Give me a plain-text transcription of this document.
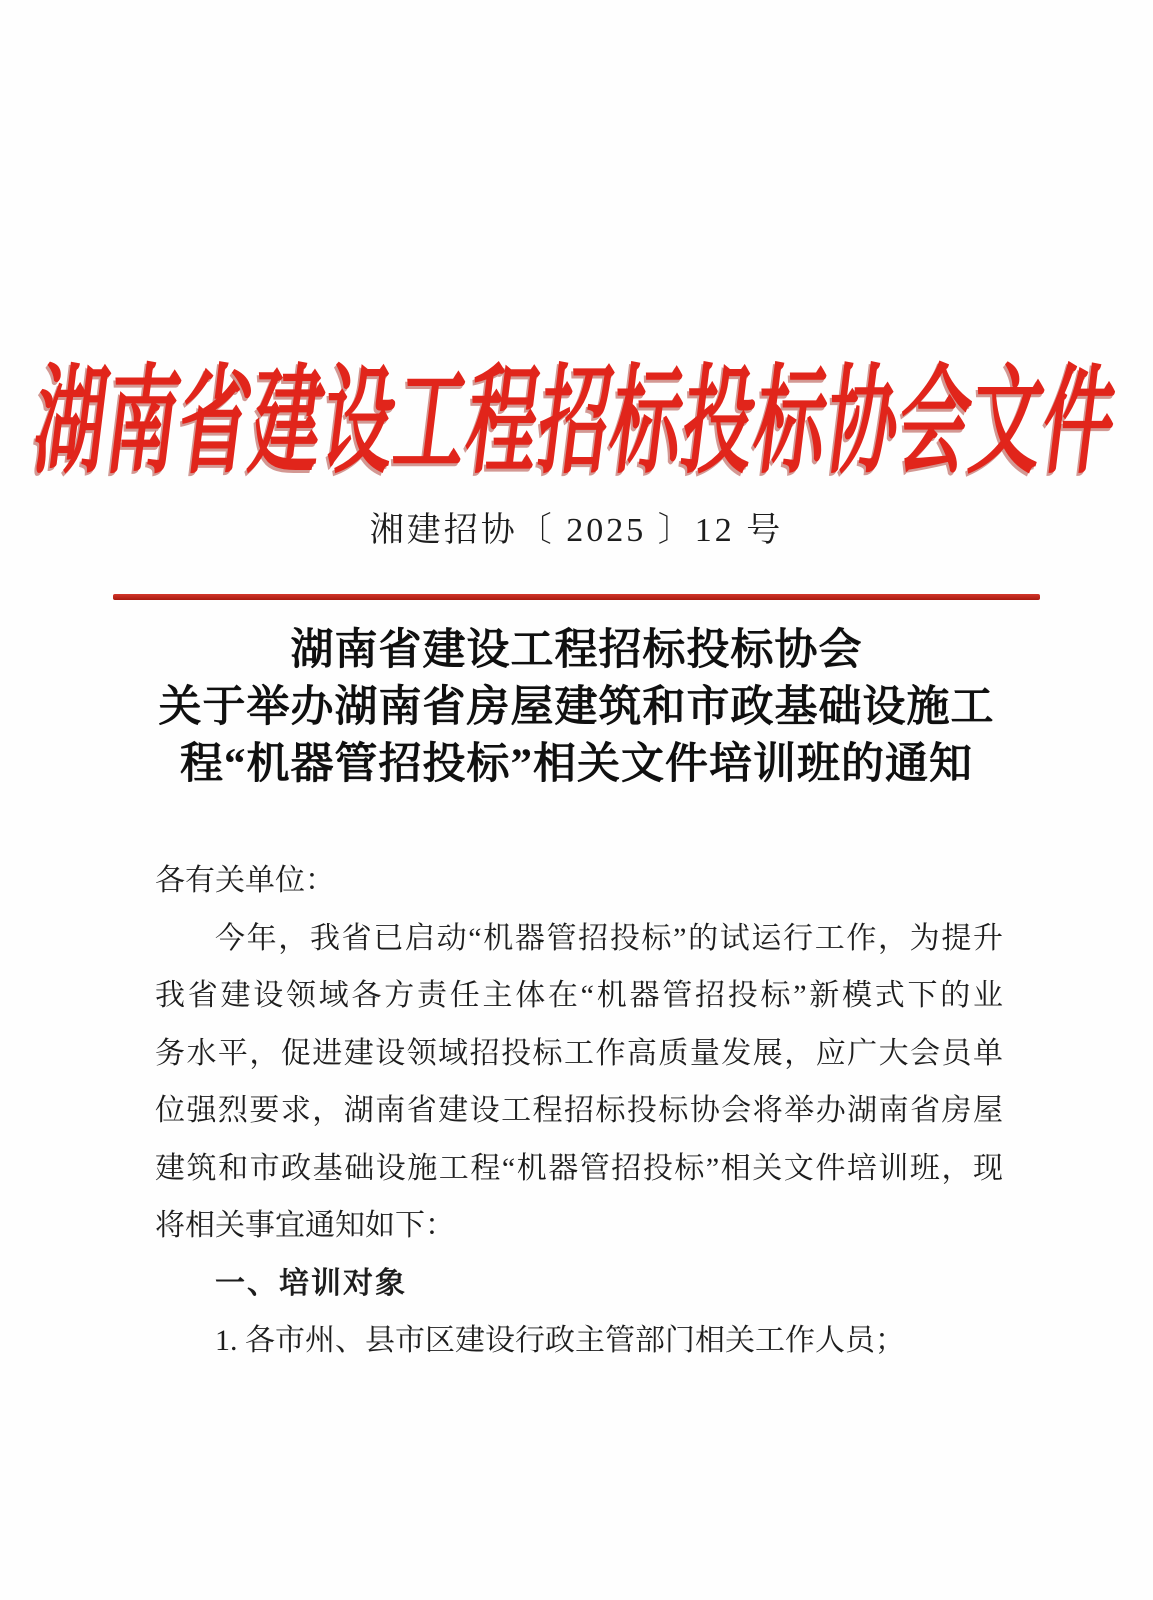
湖南省建设工程招标投标协会文件
湘建招协〔 2025 〕12 号
湖南省建设工程招标投标协会
关于举办湖南省房屋建筑和市政基础设施工
程“机器管招投标”相关文件培训班的通知
各有关单位：
今年，我省已启动“机器管招投标”的试运行工作，为提升
我省建设领域各方责任主体在“机器管招投标”新模式下的业
务水平，促进建设领域招投标工作高质量发展，应广大会员单
位强烈要求，湖南省建设工程招标投标协会将举办湖南省房屋
建筑和市政基础设施工程“机器管招投标”相关文件培训班，现
将相关事宜通知如下：
一、培训对象
1. 各市州、县市区建设行政主管部门相关工作人员；
